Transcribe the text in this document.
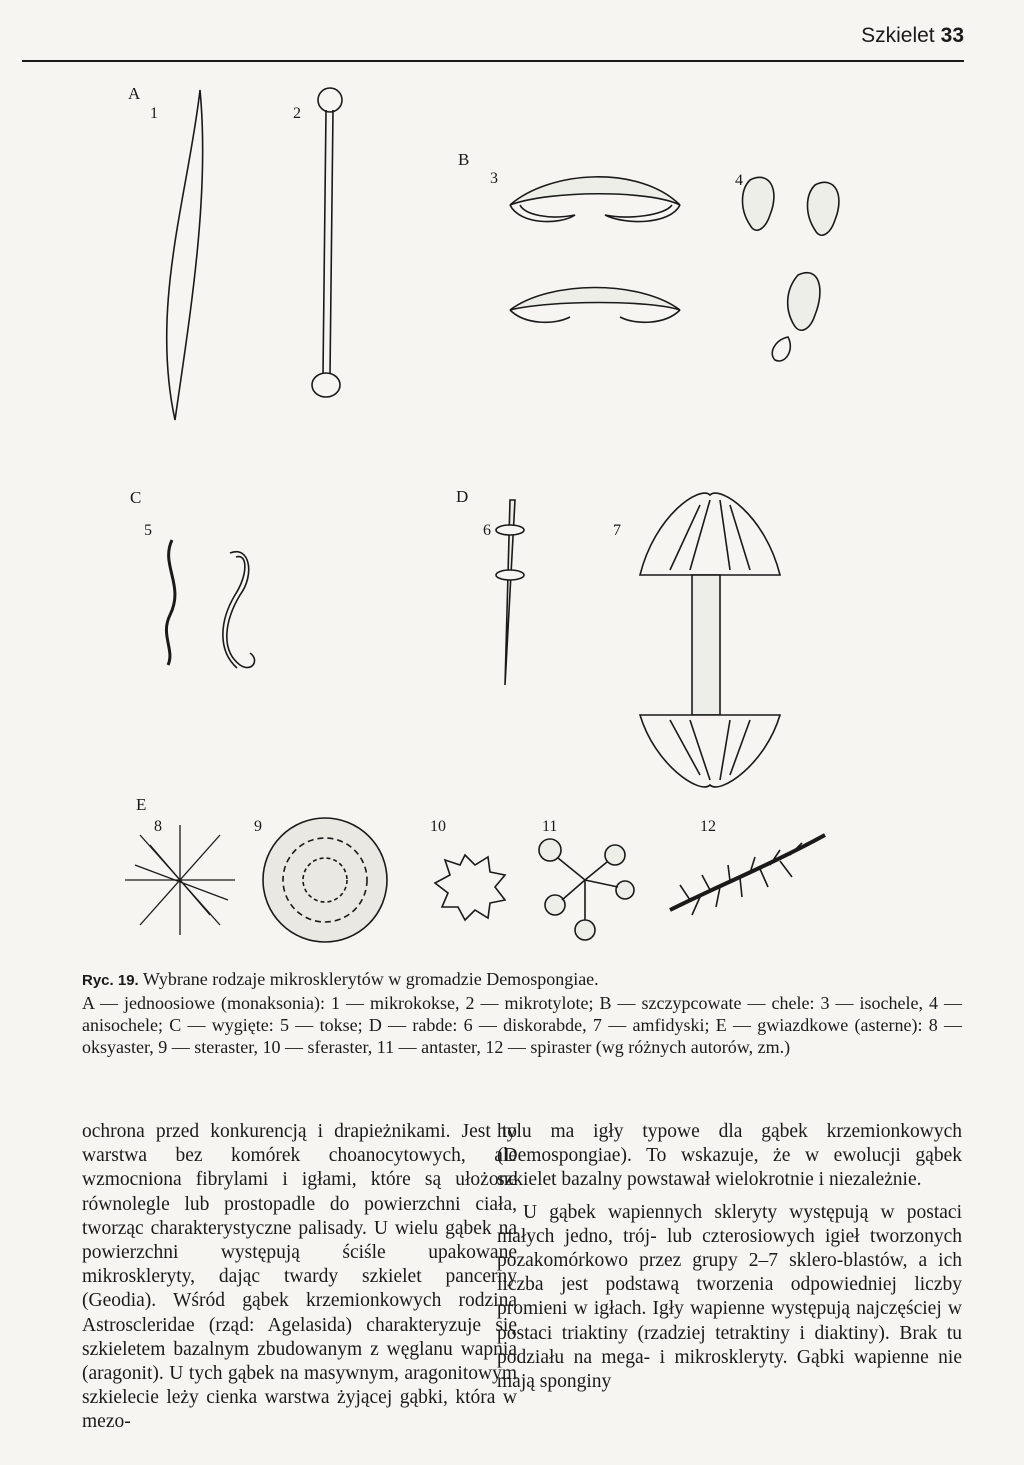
Szkielet 33
A
1	2
B
3	4
C
5
D
6	7
E
8	9	10	11	12
Ryc. 19. Wybrane rodzaje mikrosklerytów w gromadzie Demospongiae.
A — jednoosiowe (monaksonia): 1 — mikrokokse, 2 — mikrotylote; B — szczypcowate — chele: 3 — isochele, 4 — anisochele; C — wygięte: 5 — tokse; D — rabde: 6 — diskorabde, 7 — amfidyski; E — gwiazdkowe (asterne): 8 — oksyaster, 9 — steraster, 10 — sferaster, 11 — antaster, 12 — spiraster (wg różnych autorów, zm.)

ochrona przed konkurencją i drapieżnikami. Jest to warstwa bez komórek choanocytowych, ale wzmocniona fibrylami i igłami, które są ułożone równolegle lub prostopadle do powierzchni ciała, tworząc charakterystyczne palisady. U wielu gąbek na powierzchni występują ściśle upakowane mikroskleryty, dając twardy szkielet pancerny (Geodia). Wśród gąbek krzemionkowych rodzina Astroscleridae (rząd: Agelasida) charakteryzuje się szkieletem bazalnym zbudowanym z węglanu wapnia (aragonit). U tych gąbek na masywnym, aragonitowym szkielecie leży cienka warstwa żyjącej gąbki, która w mezo-

hylu ma igły typowe dla gąbek krzemionkowych (Demospongiae). To wskazuje, że w ewolucji gąbek szkielet bazalny powstawał wielokrotnie i niezależnie.

U gąbek wapiennych skleryty występują w postaci małych jedno, trój- lub czterosiowych igieł tworzonych pozakomórkowo przez grupy 2–7 sklero-blastów, a ich liczba jest podstawą tworzenia odpowiedniej liczby promieni w igłach. Igły wapienne występują najczęściej w postaci triaktiny (rzadziej tetraktiny i diaktiny). Brak tu podziału na mega- i mikroskleryty. Gąbki wapienne nie mają sponginy
